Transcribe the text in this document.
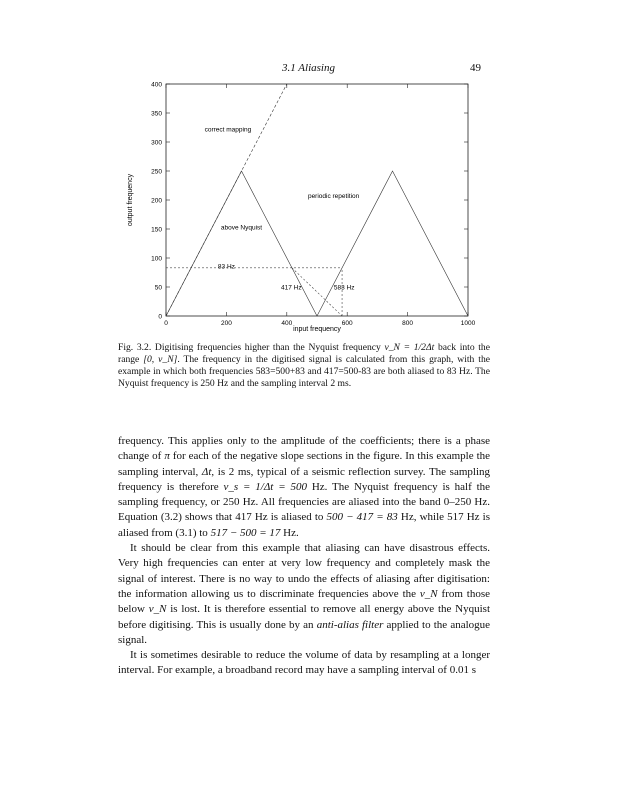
3.1 Aliasing	49
0	200	400	600	800	1000
0
50
100
150
200
250
300
350
400
correct mapping
periodic repetition
above Nyquist
83 Hz
417 Hz	583 Hz
input frequency
output frequency
Fig. 3.2. Digitising frequencies higher than the Nyquist frequency ν_N = 1/2Δt back into the range [0, ν_N]. The frequency in the digitised signal is calculated from this graph, with the example in which both frequencies 583=500+83 and 417=500-83 are both aliased to 83 Hz. The Nyquist frequency is 250 Hz and the sampling interval 2 ms.

frequency. This applies only to the amplitude of the coefficients; there is a phase change of π for each of the negative slope sections in the figure. In this example the sampling interval, Δt, is 2 ms, typical of a seismic reflection survey. The sampling frequency is therefore ν_s = 1/Δt = 500 Hz. The Nyquist frequency is half the sampling frequency, or 250 Hz. All frequencies are aliased into the band 0–250 Hz. Equation (3.2) shows that 417 Hz is aliased to 500 − 417 = 83 Hz, while 517 Hz is aliased from (3.1) to 517 − 500 = 17 Hz.

It should be clear from this example that aliasing can have disastrous effects. Very high frequencies can enter at very low frequency and completely mask the signal of interest. There is no way to undo the effects of aliasing after digitisation: the information allowing us to discriminate frequencies above the ν_N from those below ν_N is lost. It is therefore essential to remove all energy above the Nyquist before digitising. This is usually done by an anti-alias filter applied to the analogue signal.

It is sometimes desirable to reduce the volume of data by resampling at a longer interval. For example, a broadband record may have a sampling interval of 0.01 s
